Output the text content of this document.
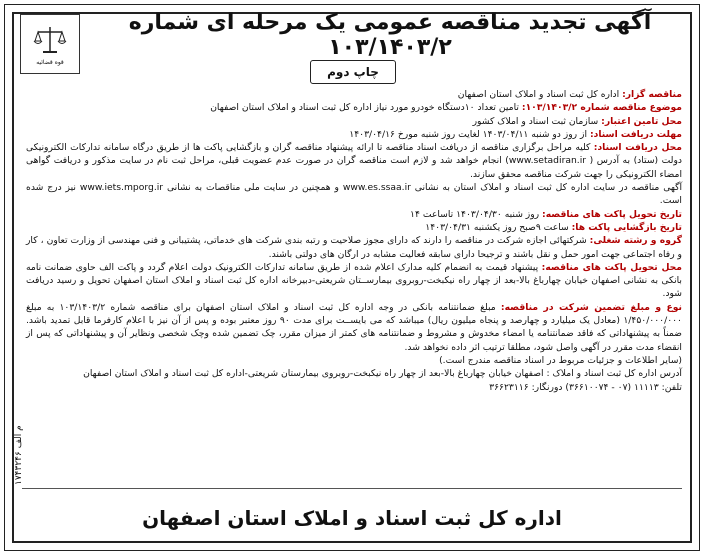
آگهی تجدید مناقصه عمومی یک مرحله ای شماره ۱۰۳/۱۴۰۳/۲
قوه قضائیه
چاپ دوم

مناقصه گزار: اداره کل ثبت اسناد و املاک استان اصفهان

موضوع مناقصه شماره ۱۰۳/۱۴۰۳/۲: تامین تعداد ۱۰دستگاه خودرو مورد نیاز اداره کل ثبت اسناد و املاک استان اصفهان

محل تامین اعتبار: سازمان ثبت اسناد و املاک کشور

مهلت دریافت اسناد: از روز دو شنبه ۱۴۰۳/۰۴/۱۱ لغایت روز شنبه مورخ ۱۴۰۳/۰۴/۱۶

محل دریافت اسناد: کلیه مراحل برگزاری مناقصه از دریافت اسناد مناقصه تا ارائه پیشنهاد مناقصه گران و بازگشایی پاکت ها از طریق درگاه سامانه تدارکات الکترونیکی دولت (ستاد) به آدرس ( www.setadiran.ir) انجام خواهد شد و لازم است مناقصه گران در صورت عدم عضویت قبلی، مراحل ثبت نام در سایت مذکور و دریافت گواهی امضاء الکترونیکی را جهت شرکت مناقصه محقق سازند.

آگهی مناقصه در سایت اداره کل ثبت اسناد و املاک استان به نشانی www.es.ssaa.ir و همچنین در سایت ملی مناقصات به نشانی www.iets.mporg.ir نیز درج شده است.

تاریخ تحویل پاکت های مناقصه: روز شنبه ۱۴۰۳/۰۴/۳۰ تاساعت ۱۴

تاریخ بازگشایی پاکت ها: ساعت ۹صبح روز یکشنبه ۱۴۰۳/۰۴/۳۱

گروه و رشته شغلی: شرکتهائی اجازه شرکت در مناقصه را دارند که دارای مجوز صلاحیت و رتبه بندی شرکت های خدماتی، پشتیبانی و فنی مهندسی از وزارت تعاون ، کار و رفاه اجتماعی جهت امور حمل و نقل باشند و ترجیحا دارای سابقه فعالیت مشابه در ارگان های دولتی باشند.

محل تحویل پاکت های مناقصه: پیشنهاد قیمت به انضمام کلیه مدارک اعلام شده از طریق سامانه تدارکات الکترونیک دولت اعلام گردد و پاکت الف حاوی ضمانت نامه بانکی به نشانی اصفهان خیابان چهارباغ بالا-بعد از چهار راه نیکبخت-روبروی بیمارســتان شریعتی-دبیرخانه اداره کل ثبت اسناد و املاک استان اصفهان تحویل و رسید دریافت شود.

نوع و مبلغ تضمین شرکت در مناقصه: مبلغ ضمانتنامه بانکی در وجه اداره کل ثبت اسناد و املاک استان اصفهان برای مناقصه شماره ۱۰۳/۱۴۰۳/۲ به مبلغ ۱/۴۵۰/۰۰۰/۰۰۰ (معادل یک میلیارد و چهارصد و پنجاه میلیون ریال) میباشد که می بایســت برای مدت ۹۰ روز معتبر بوده و پس از آن نیز با اعلام کارفرما قابل تمدید باشد. ضمناً به پیشنهاداتی که فاقد ضمانتنامه یا امضاء مخدوش و مشروط و ضمانتنامه های کمتر از میزان مقرر، چک تضمین شده وچک شخصی ونظایر آن و پیشنهاداتی که پس از انقضاء مدت مقرر در آگهی واصل شود، مطلقا ترتیب اثر داده نخواهد شد.

(سایر اطلاعات و جزئیات مربوط در اسناد مناقصه مندرج است.)

آدرس اداره کل ثبت اسناد و املاک : اصفهان خیابان چهارباغ بالا-بعد از چهار راه نیکبخت-روبروی بیمارستان شریعتی-اداره کل ثبت اسناد و املاک استان اصفهان

تلفن: ۱۱۱۱۳ (۰۷ - ۳۶۶۱۰۰۷۴) دورنگار: ۳۶۶۲۳۱۱۶

م الف ۱۷۴۳۲۴۶
اداره کل ثبت اسناد و املاک استان اصفهان
